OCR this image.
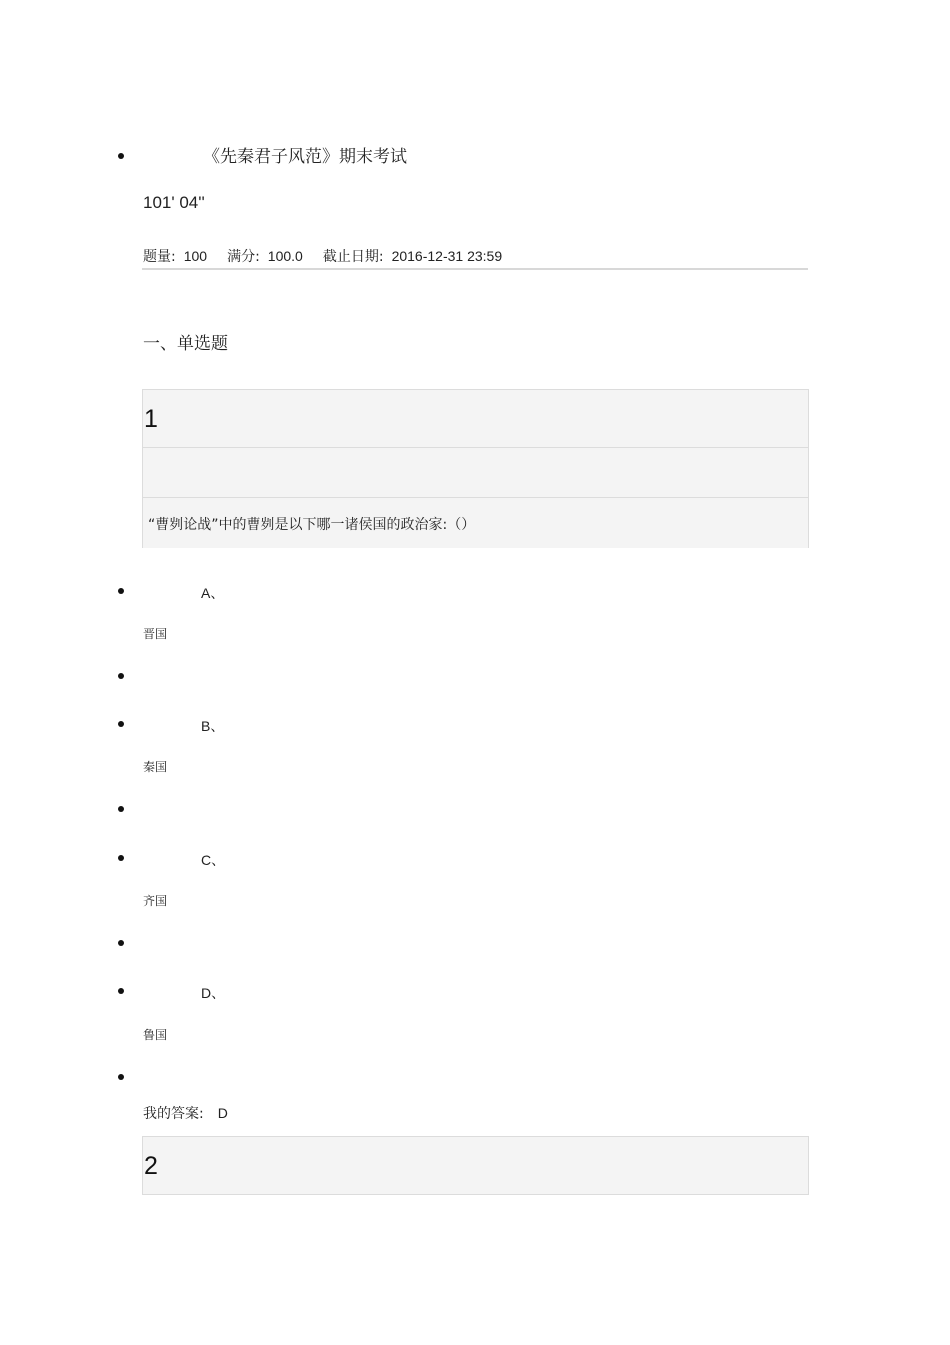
《先秦君子风范》期末考试
101' 04''
题量: 100 满分: 100.0 截止日期: 2016-12-31 23:59
一、单选题
1
“曹刿论战”中的曹刿是以下哪一诸侯国的政治家:（）
A、
晋国
B、
秦国
C、
齐国
D、
鲁国
我的答案: D
2
